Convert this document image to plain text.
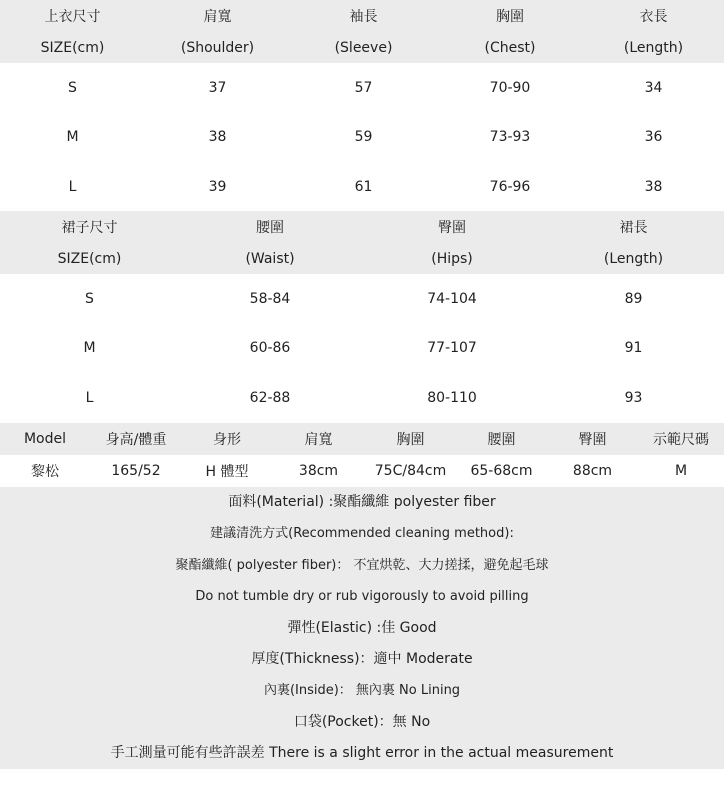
上衣尺寸	肩寬	袖長	胸圍	衣長
SIZE(cm)	(Shoulder)	(Sleeve)	(Chest)	(Length)
S	37	57	70-90	34
M	38	59	73-93	36
L	39	61	76-96	38
裙子尺寸	腰圍	臀圍	裙長
SIZE(cm)	(Waist)	(Hips)	(Length)
S	58-84	74-104	89
M	60-86	77-107	91
L	62-88	80-110	93
Model	身高/體重	身形	肩寬	胸圍	腰圍	臀圍	示範尺碼
黎松	165/52	H 體型	38cm	75C/84cm	65-68cm	88cm	M
面料(Material) :聚酯纖維 polyester fiber
建議清洗方式(Recommended cleaning method):
聚酯纖維( polyester fiber)： 不宜烘乾、大力搓揉，避免起毛球
Do not tumble dry or rub vigorously to avoid pilling
彈性(Elastic) :佳 Good
厚度(Thickness)：適中 Moderate
內裏(Inside)： 無內裏 No Lining
口袋(Pocket)：無 No
手工測量可能有些許誤差 There is a slight error in the actual measurement
